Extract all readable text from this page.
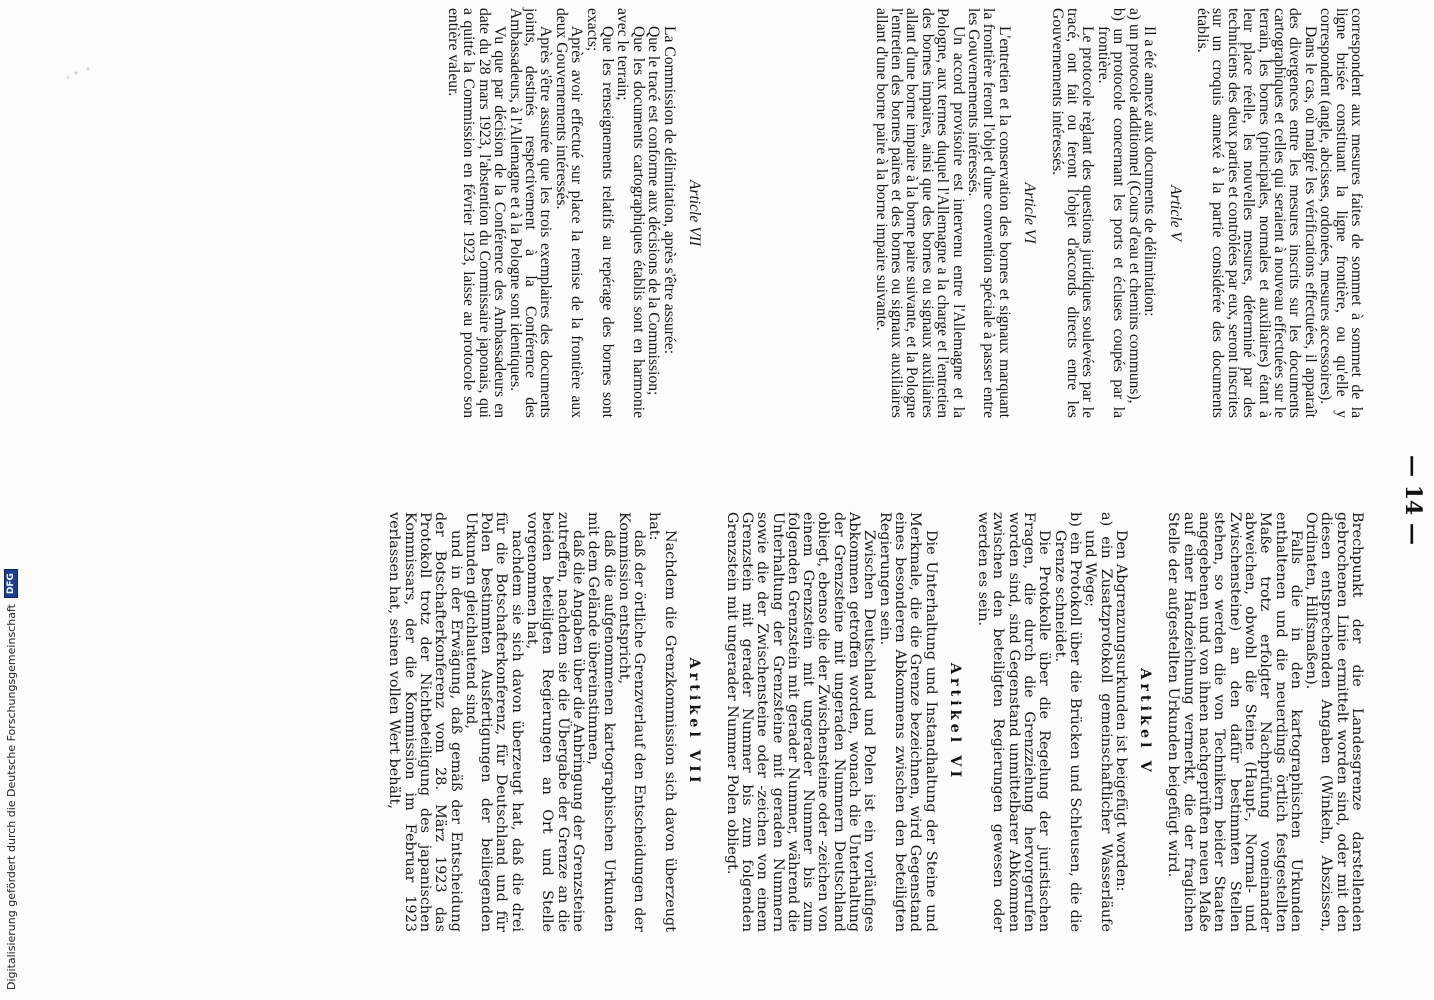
— 14 —

correspondent aux mesures faites de sommet à sommet de la ligne brisée constituant la ligne frontière, ou qu'elle y correspondent (angle, abcisses, ordonées, mesures accessoires).

Dans le cas, où malgré les vérifications effectuées, il apparaît des divergences entre les mesures inscrits sur les documents cartographiques et celles qui seraient à nouveau effectuées sur le terrain, les bornes (principales, normales et auxiliaires) étant à leur place réelle, les nouvelles mesures, déterminé par des techniciens des deux parties et contrôlées par eux, seront inscrites sur un croquis annexé à la partie considérée des documents établis.

Article V

Il a été annexé aux documents de délimitation:

a) un protocole additionnel (Cours d'eau et chemins communs),

b) un protocole concernant les ports et écluses coupés par la frontière.

Le protocole règlant des questions juridiques soulevées par le tracé, ont fait ou feront l'objet d'accords directs entre les Gouvernements intéressés.

Article VI

L'entretien et la conservation des bornes et signaux marquant la frontière feront l'objet d'une convention spéciale à passer entre les Gouvernements intéressés.

Un accord provisoire est intervenu entre l'Allemagne et la Pologne, aux termes duquel l'Allemagne a la charge et l'entretien des bornes impaires, ainsi que des bornes ou signaux auxiliaires allant d'une borne impaire à la borne paire suivante, et la Pologne l'entretien des bornes paires et des bornes ou signaux auxiliaires allant d'une borne paire à la borne impaire suivante.

Article VII

La Commission de délimitation, après s'être assurée:

Que le tracé est conforme aux décisions de la Commission;

Que les documents cartographiques établis sont en harmonie avec le terrain;

Que les renseignements relatifs au repérage des bornes sont exacts;

Après avoir effectué sur place la remise de la frontière aux deux Gouvernements intéressés.

Après s'être assurée que les trois exemplaires des documents joints, destinés respectivement à la Conférence des Ambassadeurs, à l'Allemagne et à la Pologne sont identiques.

Vu que par décision de la Conférence des Ambassadeurs en date du 28 mars 1923, l'abstention du Commissaire japonais, qui a quitté la Commission en février 1923, laisse au protocole son entière valeur.

Brechpunkt der die Landesgrenze darstellenden gebrochenen Linie ermittelt worden sind, oder mit den diesen entsprechenden Angaben (Winkeln, Abszissen, Ordinaten, Hilfsmaßen).

Falls die in den kartographischen Urkunden enthaltenen und die neuerdings örtlich festgestellten Maße trotz erfolgter Nachprüfung voneinander abweichen, obwohl die Steine (Haupt-, Normal- und Zwischensteine) an den dafür bestimmten Stellen stehen, so werden die von Technikern beider Staaten angegebenen und von ihnen nachgeprüften neuen Maße auf einer Handzeichnung vermerkt, die der fraglichen Stelle der aufgestellten Urkunden beigefügt wird.

Artikel V

Den Abgrenzungsurkunden ist beigefügt worden:

a) ein Zusatzprotokoll gemeinschaftlicher Wasserläufe und Wege;

b) ein Protokoll über die Brücken und Schleusen, die die Grenze schneidet.

Die Protokolle über die Regelung der juristischen Fragen, die durch die Grenzziehung hervorgerufen worden sind, sind Gegenstand unmittelbarer Abkommen zwischen den beteiligten Regierungen gewesen oder werden es sein.

Artikel VI

Die Unterhaltung und Instandhaltung der Steine und Merkmale, die die Grenze bezeichnen, wird Gegenstand eines besonderen Abkommens zwischen den beteiligten Regierungen sein.

Zwischen Deutschland und Polen ist ein vorläufiges Abkommen getroffen worden, wonach die Unterhaltung der Grenzsteine mit ungeraden Nummern Deutschland obliegt, ebenso die der Zwischensteine oder -zeichen von einem Grenzstein mit ungerader Nummer bis zum folgenden Grenzstein mit gerader Nummer, während die Unterhaltung der Grenzsteine mit geraden Nummern sowie die der Zwischensteine oder -zeichen von einem Grenzstein mit gerader Nummer bis zum folgenden Grenzstein mit ungerader Nummer Polen obliegt.

Artikel VII

Nachdem die Grenzkommission sich davon überzeugt hat:

daß der örtliche Grenzverlauf den Entscheidungen der Kommission entspricht,

daß die aufgenommenen kartographischen Urkunden mit dem Gelände übereinstimmen,

daß die Angaben über die Anbringung der Grenzsteine zutreffen, nachdem sie die Übergabe der Grenze an die beiden beteiligten Regierungen an Ort und Stelle vorgenommen hat,

nachdem sie sich davon überzeugt hat, daß die drei für die Botschafterkonferenz, für Deutschland und für Polen bestimmten Ausfertigungen der beiliegenden Urkunden gleichlautend sind,

und in der Erwägung, daß gemäß der Entscheidung der Botschafterkonferenz vom 28. März 1923 das Protokoll trotz der Nichtbeteiligung des japanischen Kommissars, der die Kommission im Februar 1923 verlassen hat, seinen vollen Wert behält,

Digitalisierung gefördert durch die Deutsche Forschungsgemeinschaft
DFG
